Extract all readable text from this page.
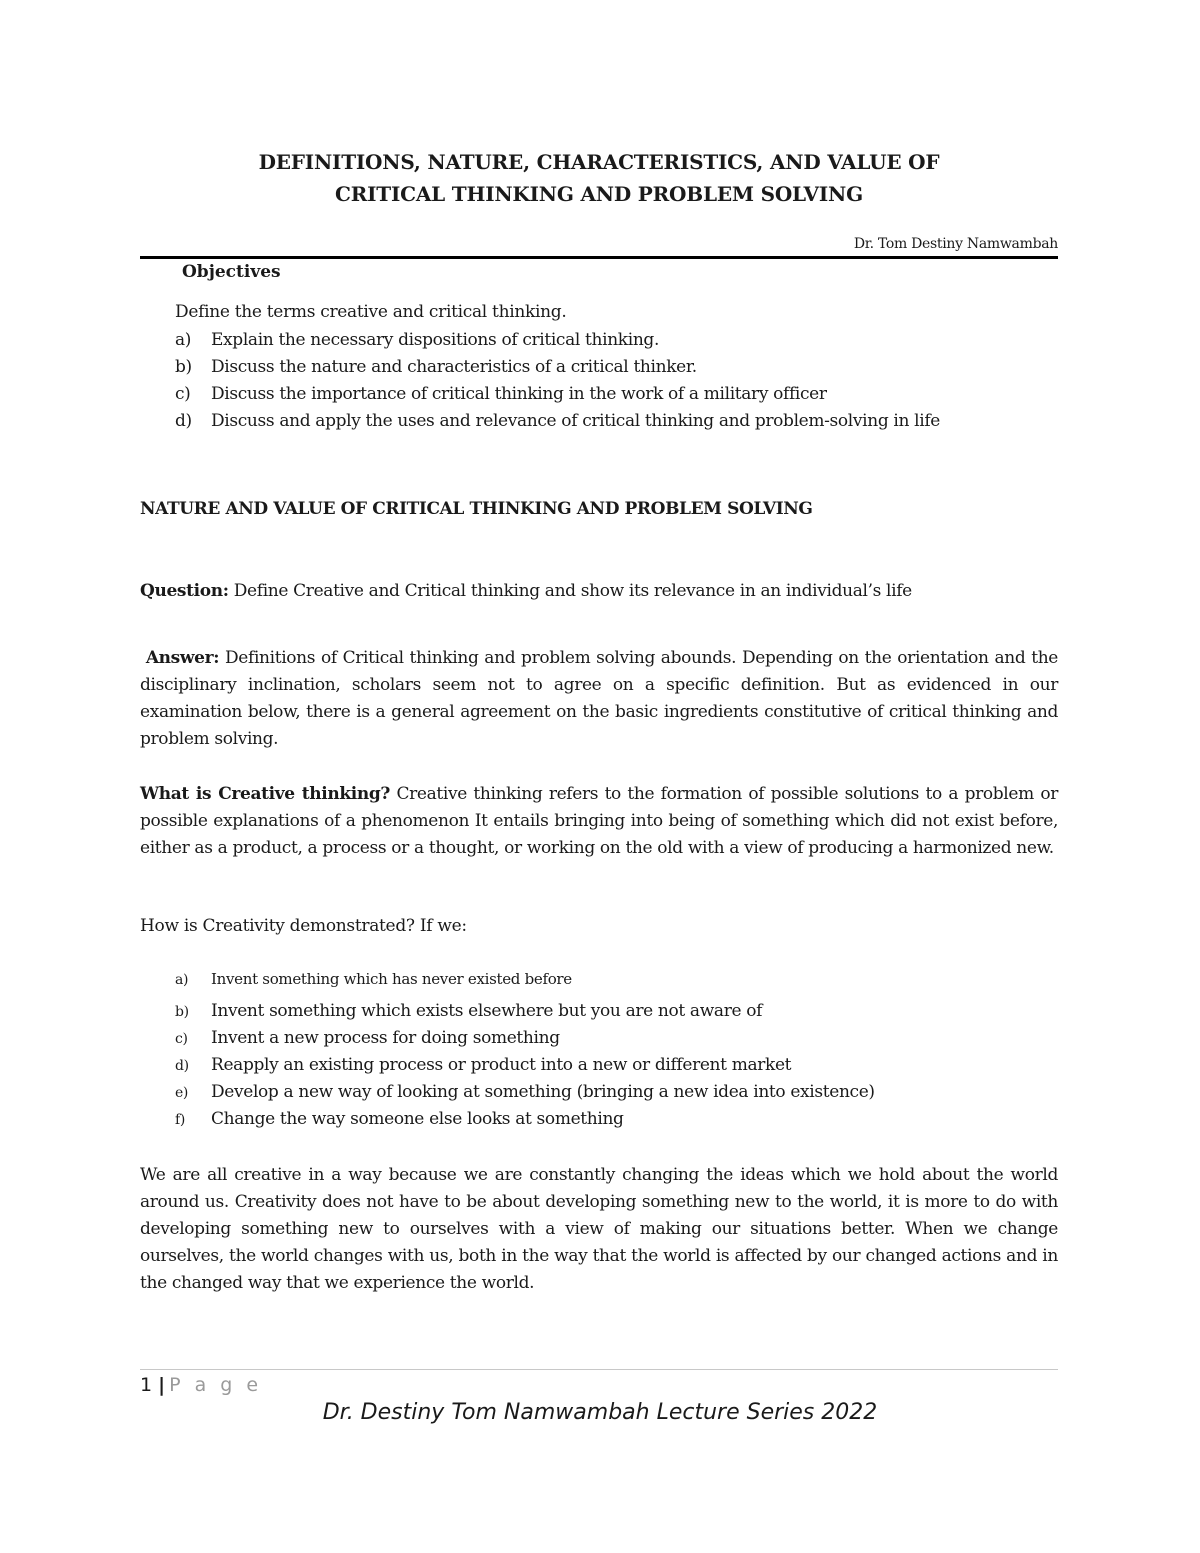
DEFINITIONS, NATURE, CHARACTERISTICS, AND VALUE OF
CRITICAL THINKING AND PROBLEM SOLVING
Dr. Tom Destiny Namwambah
Objectives
Define the terms creative and critical thinking.
a) Explain the necessary dispositions of critical thinking.
b) Discuss the nature and characteristics of a critical thinker.
c) Discuss the importance of critical thinking in the work of a military officer
d) Discuss and apply the uses and relevance of critical thinking and problem-solving in life
NATURE AND VALUE OF CRITICAL THINKING AND PROBLEM SOLVING
Question: Define Creative and Critical thinking and show its relevance in an individual’s life
Answer: Definitions of Critical thinking and problem solving abounds. Depending on the orientation and the disciplinary inclination, scholars seem not to agree on a specific definition. But as evidenced in our examination below, there is a general agreement on the basic ingredients constitutive of critical thinking and problem solving.
What is Creative thinking? Creative thinking refers to the formation of possible solutions to a problem or possible explanations of a phenomenon It entails bringing into being of something which did not exist before, either as a product, a process or a thought, or working on the old with a view of producing a harmonized new.
How is Creativity demonstrated? If we:
a) Invent something which has never existed before
b) Invent something which exists elsewhere but you are not aware of
c) Invent a new process for doing something
d) Reapply an existing process or product into a new or different market
e) Develop a new way of looking at something (bringing a new idea into existence)
f) Change the way someone else looks at something
We are all creative in a way because we are constantly changing the ideas which we hold about the world around us. Creativity does not have to be about developing something new to the world, it is more to do with developing something new to ourselves with a view of making our situations better. When we change ourselves, the world changes with us, both in the way that the world is affected by our changed actions and in the changed way that we experience the world.
1 | P a g e
Dr. Destiny Tom Namwambah Lecture Series 2022
